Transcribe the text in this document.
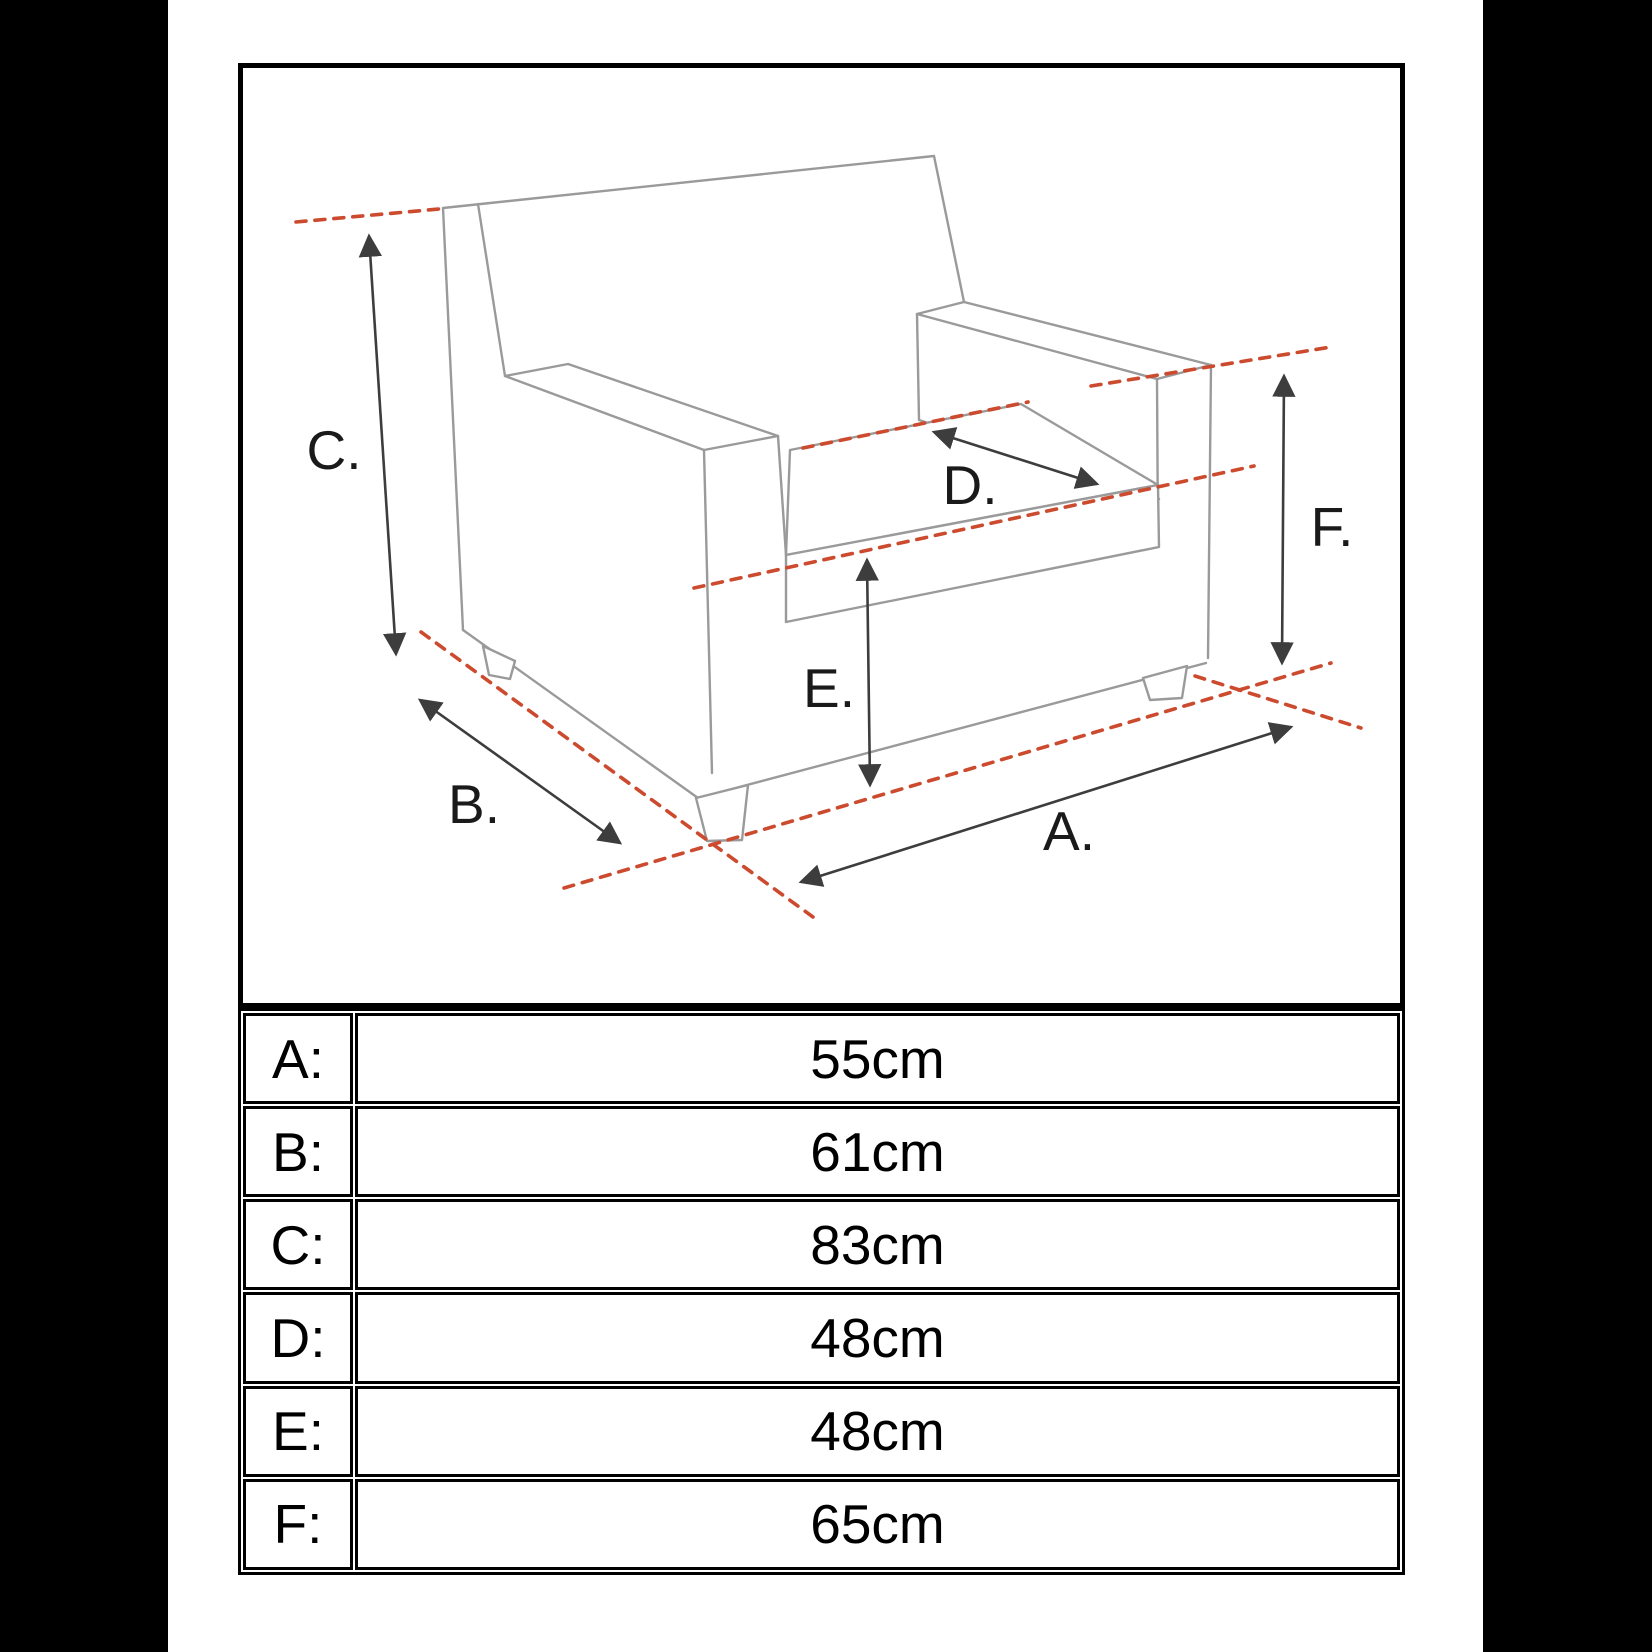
C.
B.	A.
D.
E.
F.
A:	55cm
B:	61cm
C:	83cm
D:	48cm
E:	48cm
F:	65cm
